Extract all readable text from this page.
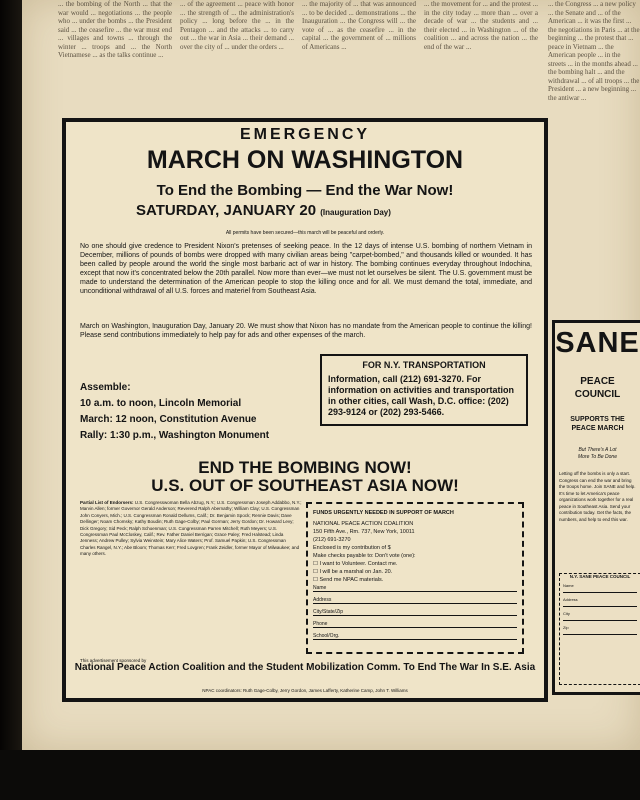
... the bombing of the North ... that the war would ... negotiations ... the people who ... under the bombs ... the President said ... the ceasefire ... the war must end ... villages and towns ... through the winter ... troops and ... the North Vietnamese ... as the talks continue ...
... of the agreement ... peace with honor ... the strength of ... the administration's policy ... long before the ... in the Pentagon ... and the attacks ... to carry out ... the war in Asia ... their demand ... over the city of ... under the orders ...
... the majority of ... that was announced ... to be decided ... demonstrations ... the Inauguration ... the Congress will ... the vote of ... as the ceasefire ... in the capital ... the government of ... millions of Americans ...
... the movement for ... and the protest ... in the city today ... more than ... over a decade of war ... the students and ... their elected ... in Washington ... of the coalition ... and across the nation ... the end of the war ...
... the Congress ... a new policy ... the Senate and ... of the American ... it was the first ... the negotiations in Paris ... at the beginning ... the protest that ... peace in Vietnam ... the American people ... in the streets ... in the months ahead ... the bombing halt ... and the withdrawal ... of all troops ... the President ... a new beginning ... the antiwar ...
EMERGENCY
MARCH ON WASHINGTON
To End the Bombing — End the War Now!
SATURDAY, JANUARY 20 (Inauguration Day)
All permits have been secured—this march will be peaceful and orderly.
No one should give credence to President Nixon's pretenses of seeking peace. In the 12 days of intense U.S. bombing of northern Vietnam in December, millions of pounds of bombs were dropped with many civilian areas being "carpet-bombed," and thousands killed or wounded. It has been called by people around the world the single most barbaric act of war in history. The bombing continues everyday throughout Indochina, except that now it's concentrated below the 20th parallel. Now more than ever—we must not let ourselves be silent. The U.S. government must be made to understand the determination of the American people to stop the killing once and for all. We must demand the total, immediate, and unconditional withdrawal of all U.S. forces and materiel from Southeast Asia.
March on Washington, Inauguration Day, January 20. We must show that Nixon has no mandate from the American people to continue the killing! Please send contributions immediately to help pay for ads and other expenses of the march.
Assemble:
10 a.m. to noon, Lincoln Memorial
March: 12 noon, Constitution Avenue
Rally: 1:30 p.m., Washington Monument
FOR N.Y. TRANSPORTATION
Information, call (212) 691-3270. For information on activities and transportation in other cities, call Wash, D.C. office: (202) 293-9124 or (202) 293-5466.
END THE BOMBING NOW!
U.S. OUT OF SOUTHEAST ASIA NOW!
Partial List of Endorsers: U.S. Congresswoman Bella Abzug, N.Y.; U.S. Congressman Joseph Addabbo, N.Y.; Marvin Allen; former Governor Gerald Anderson; Reverend Ralph Abernathy; William Clay; U.S. Congressman John Conyers, Mich.; U.S. Congressman Ronald Dellums, Calif.; Dr. Benjamin Spock; Rennie Davis; Dave Dellinger; Noam Chomsky; Kathy Boudin; Ruth Gage-Colby; Paul Gorman; Jerry Gordon; Dr. Howard Levy; Dick Gregory; Sid Peck; Ralph Schoenman; U.S. Congressman Parren Mitchell; Ruth Meyers; U.S. Congressman Paul McCloskey, Calif.; Rev. Father Daniel Berrigan; Grace Paley; Fred Halstead; Linda Jenness; Andrew Pulley; Sylvia Weinstein; Mary Alice Waters; Prof. Samuel Papkin; U.S. Congressman Charles Rangel, N.Y.; Abe Bloom; Thomas Kerr; Fred Lovgren; Frank Zeidler, former Mayor of Milwaukee; and many others.
FUNDS URGENTLY NEEDED IN SUPPORT OF MARCH
NATIONAL PEACE ACTION COALITION
150 Fifth Ave., Rm. 737, New York, 10011
(212) 691-3270
Enclosed is my contribution of $
Make checks payable to: Don't vote (one):
☐ I want to Volunteer. Contact me.
☐ I will be a marshal on Jan. 20.
☐ Send me NPAC materials.
Name
Address
City/State/Zip
Phone
School/Org.
This advertisement sponsored by
National Peace Action Coalition and the Student Mobilization Comm. To End The War In S.E. Asia
NPAC coordinators: Ruth Gage-Colby, Jerry Gordon, James Lafferty, Katherine Camp, John T. Williams
SANE
PEACE
COUNCIL
SUPPORTS THE
PEACE MARCH
But There's A Lot
More To Be Done
Letting off the bombs is only a start. Congress can end the war and bring the troops home. Join SANE and help. It's time to let America's peace organizations work together for a real peace in Southeast Asia. Send your contribution today. Get the facts, the numbers, and help to end this war.
N.Y. SANE PEACE COUNCIL
Name
Address
City
Zip
